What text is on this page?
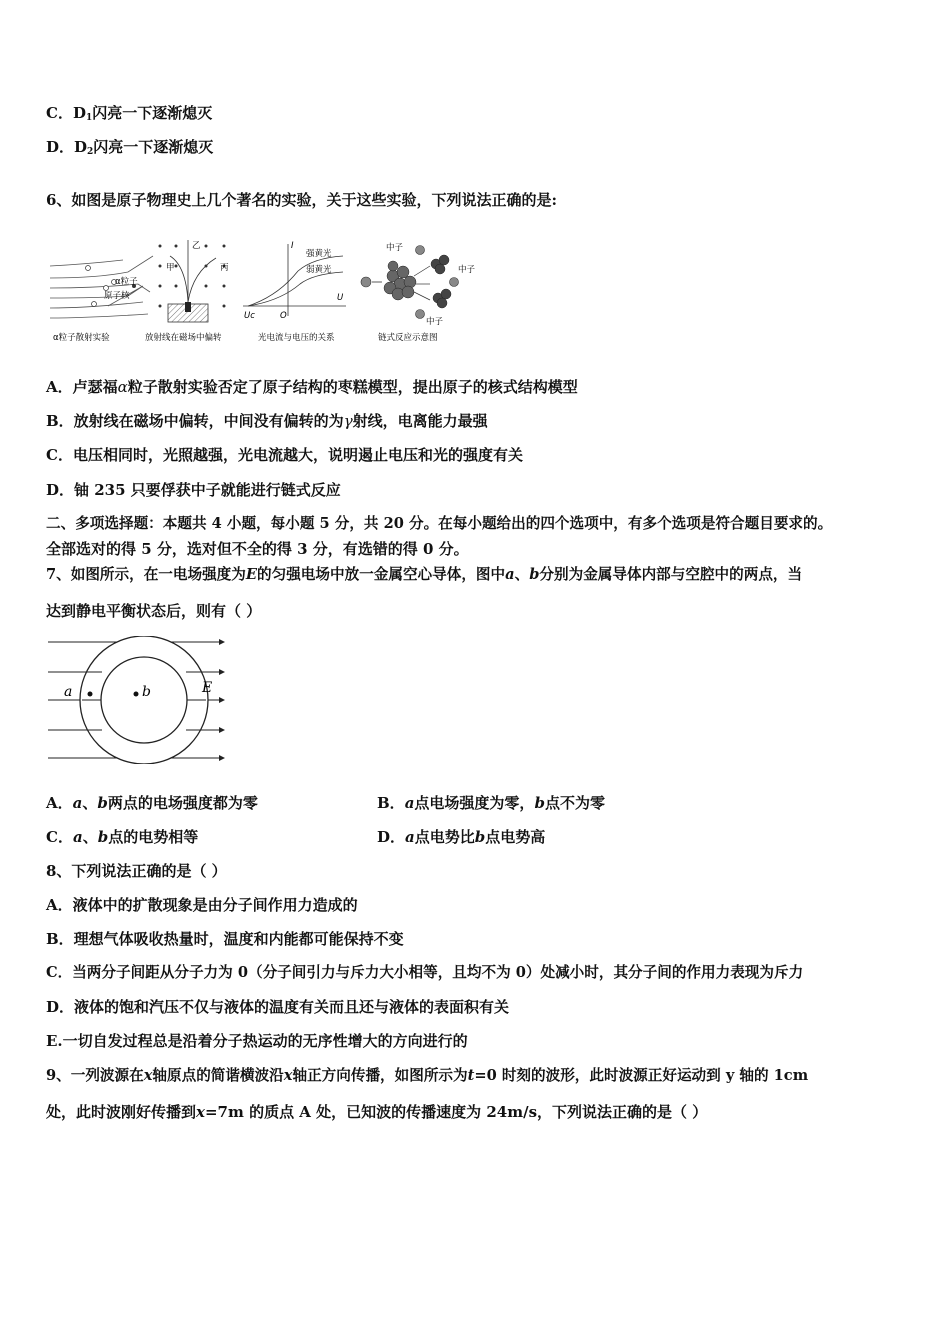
C．$D_1$闪亮一下逐渐熄灭
D．$D_2$闪亮一下逐渐熄灭
6、如图是原子物理史上几个著名的实验，关于这些实验，下列说法正确的是:
α粒子
原子核
α粒子散射实验
甲
乙
丙
放射线在磁场中偏转
I
U
O
Uc
强黄光
弱黄光
光电流与电压的关系
中子
中子
中子
链式反应示意图
A．卢瑟福α粒子散射实验否定了原子结构的枣糕模型，提出原子的核式结构模型
B．放射线在磁场中偏转，中间没有偏转的为γ射线，电离能力最强
C．电压相同时，光照越强，光电流越大，说明遏止电压和光的强度有关
D．铀 235 只要俘获中子就能进行链式反应
二、多项选择题：本题共 4 小题，每小题 5 分，共 20 分。在每小题给出的四个选项中，有多个选项是符合题目要求的。
全部选对的得 5 分，选对但不全的得 3 分，有选错的得 0 分。
7、如图所示，在一电场强度为E的匀强电场中放一金属空心导体，图中a、b分别为金属导体内部与空腔中的两点，当
达到静电平衡状态后，则有（ ）
a	b	E
A．a、b两点的电场强度都为零	B．a点电场强度为零，b点不为零
C．a、b点的电势相等	D．a点电势比b点电势高
8、下列说法正确的是（ ）
A．液体中的扩散现象是由分子间作用力造成的
B．理想气体吸收热量时，温度和内能都可能保持不变
C．当两分子间距从分子力为 0（分子间引力与斥力大小相等，且均不为 0）处减小时，其分子间的作用力表现为斥力
D．液体的饱和汽压不仅与液体的温度有关而且还与液体的表面积有关
E.一切自发过程总是沿着分子热运动的无序性增大的方向进行的
9、一列波源在x轴原点的简谐横波沿x轴正方向传播，如图所示为t=0 时刻的波形，此时波源正好运动到 y 轴的 1cm
处，此时波刚好传播到x=7m 的质点 A 处，已知波的传播速度为 24m/s，下列说法正确的是（ ）
